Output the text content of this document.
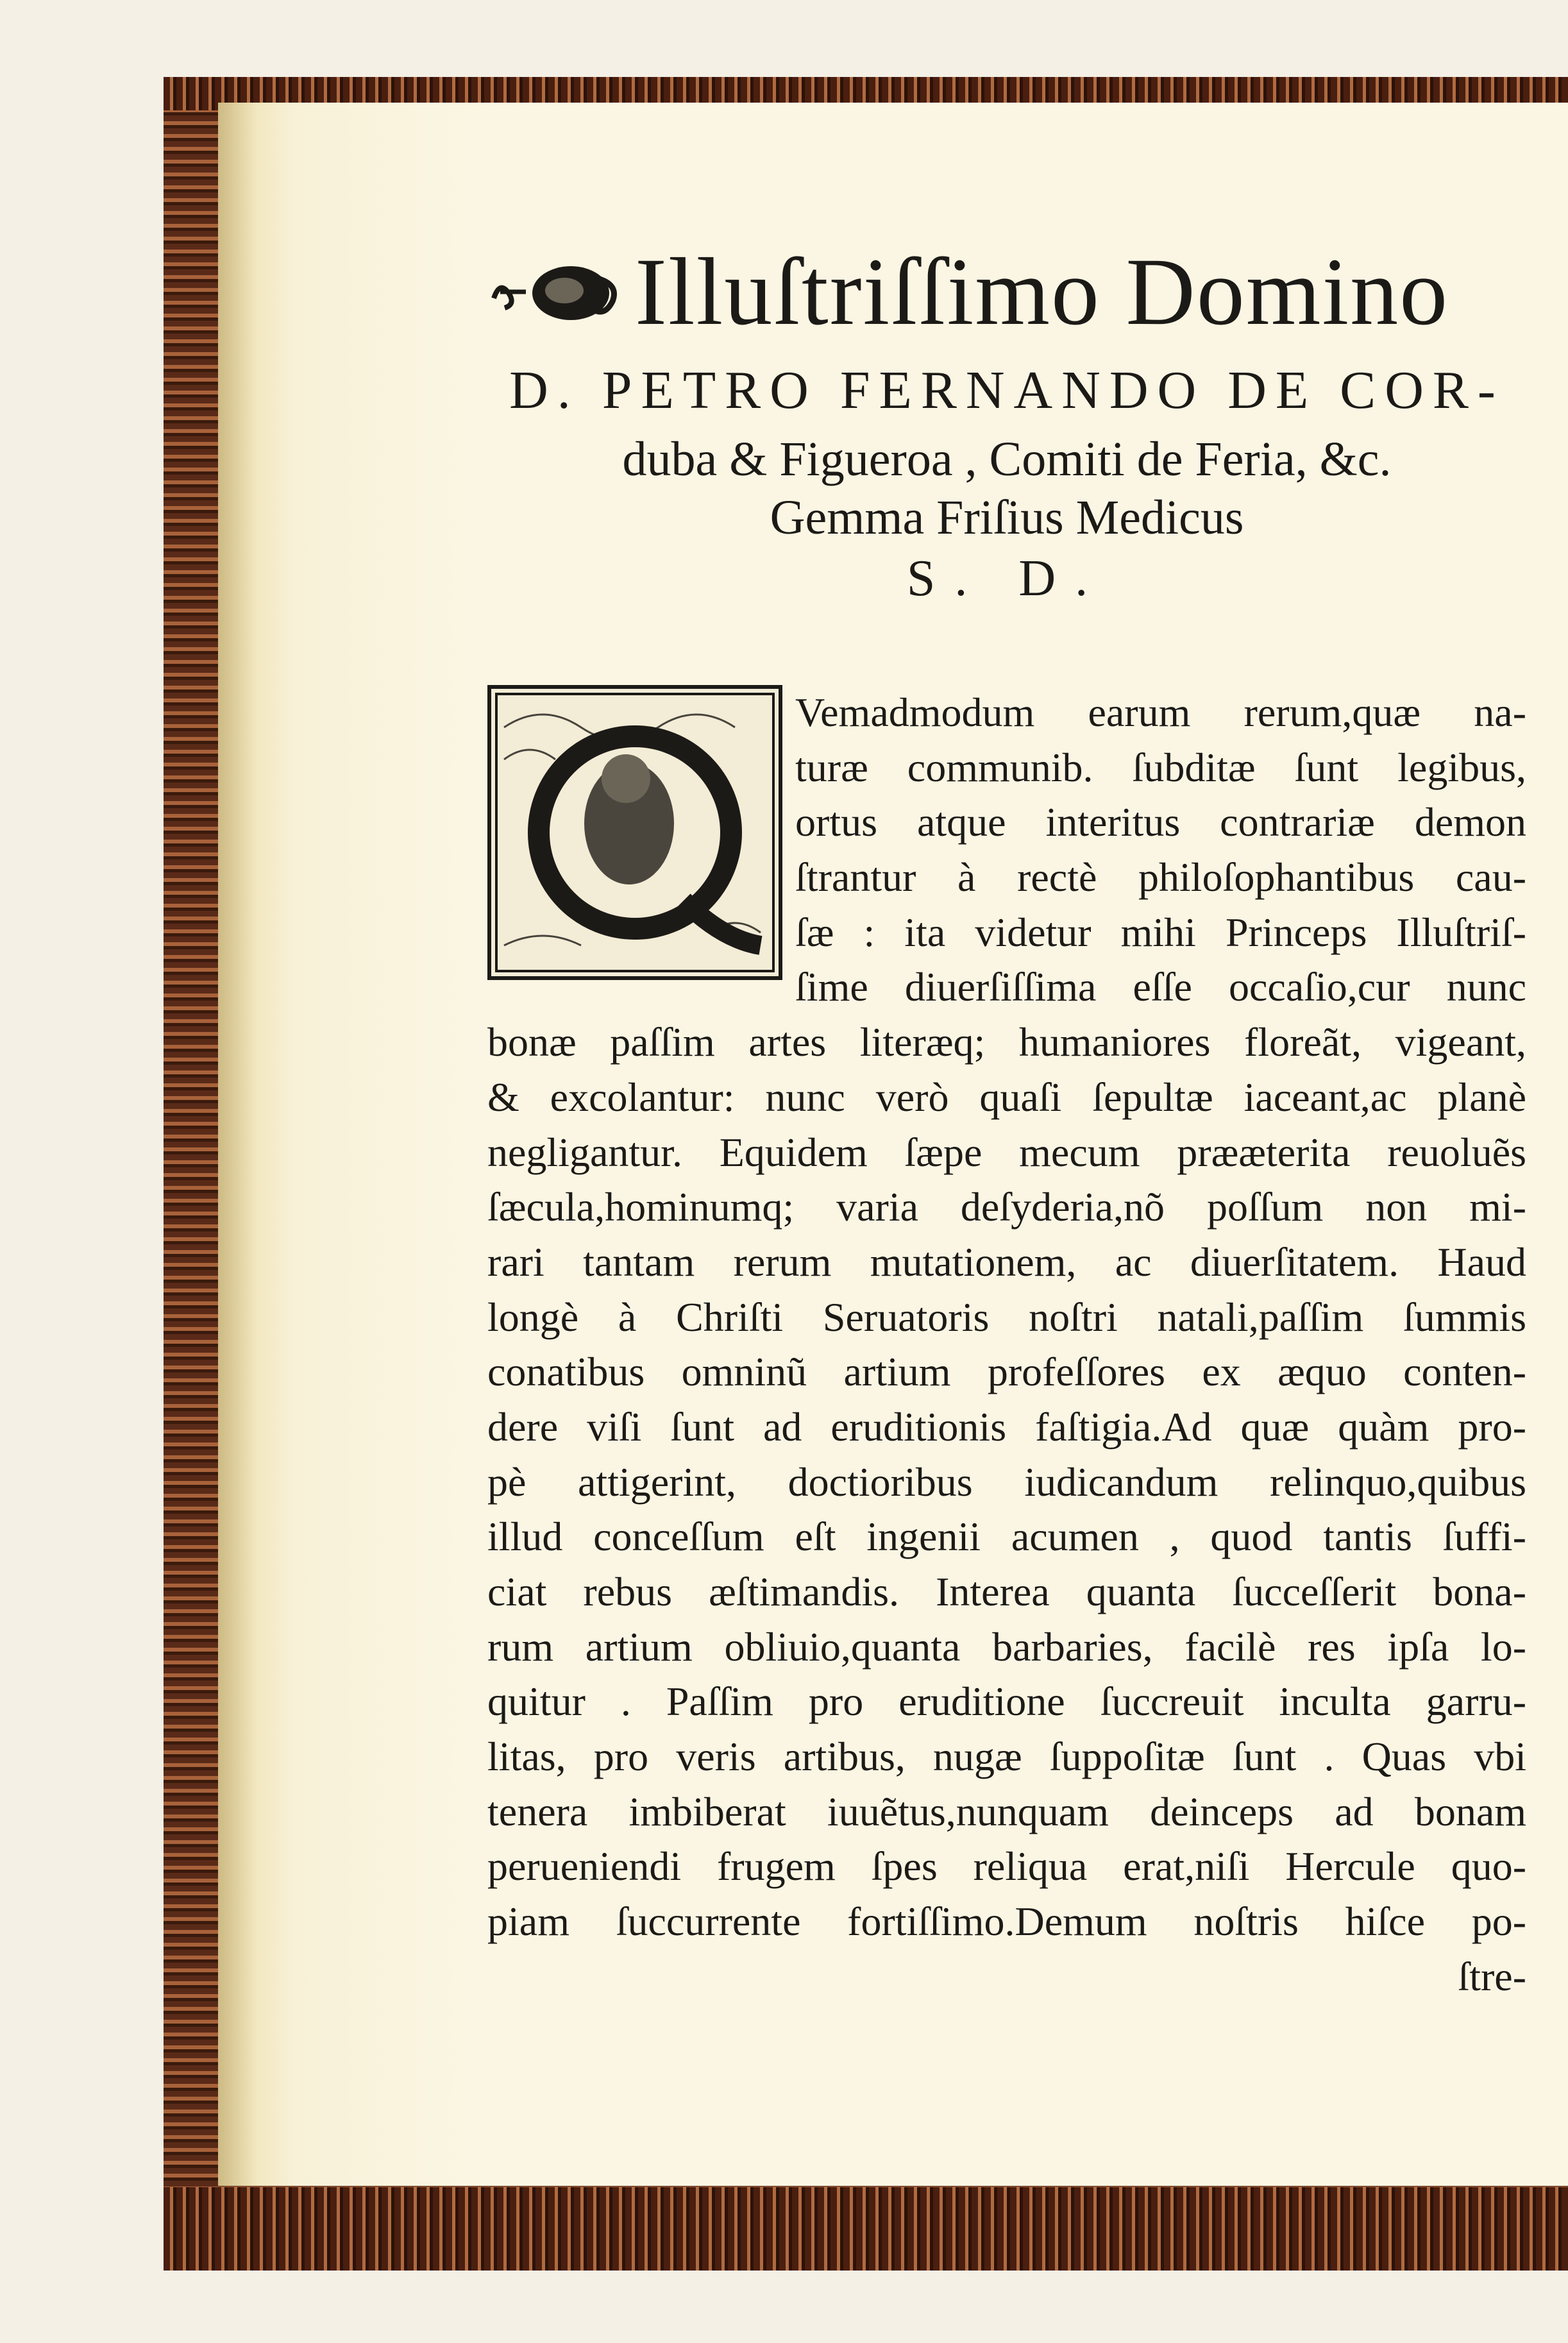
Illuſtriſſimo Domino
D. PETRO FERNANDO DE COR-
duba & Figueroa , Comiti de Feria, &c.
Gemma Friſius Medicus
S. D.
Vemadmodum earum rerum,quæ na-
turæ communib. ſubditæ ſunt legibus,
ortus atque interitus contrariæ demon
ſtrantur à rectè philoſophantibus cau-
ſæ : ita videtur mihi Princeps Illuſtriſ-
ſime diuerſiſſima eſſe occaſio,cur nunc
bonæ paſſim artes literæq; humaniores floreãt, vigeant,
& excolantur: nunc verò quaſi ſepultæ iaceant,ac planè
negligantur. Equidem ſæpe mecum prææterita reuoluẽs
ſæcula,hominumq; varia deſyderia,nõ poſſum non mi-
rari tantam rerum mutationem, ac diuerſitatem. Haud
longè à Chriſti Seruatoris noſtri natali,paſſim ſummis
conatibus omninũ artium profeſſores ex æquo conten-
dere viſi ſunt ad eruditionis faſtigia.Ad quæ quàm pro-
pè attigerint, doctioribus iudicandum relinquo,quibus
illud conceſſum eſt ingenii acumen , quod tantis ſuffi-
ciat rebus æſtimandis. Interea quanta ſucceſſerit bona-
rum artium obliuio,quanta barbaries, facilè res ipſa lo-
quitur . Paſſim pro eruditione ſuccreuit inculta garru-
litas, pro veris artibus, nugæ ſuppoſitæ ſunt . Quas vbi
tenera imbiberat iuuẽtus,nunquam deinceps ad bonam
perueniendi frugem ſpes reliqua erat,niſi Hercule quo-
piam ſuccurrente fortiſſimo.Demum noſtris hiſce po-
ſtre-
